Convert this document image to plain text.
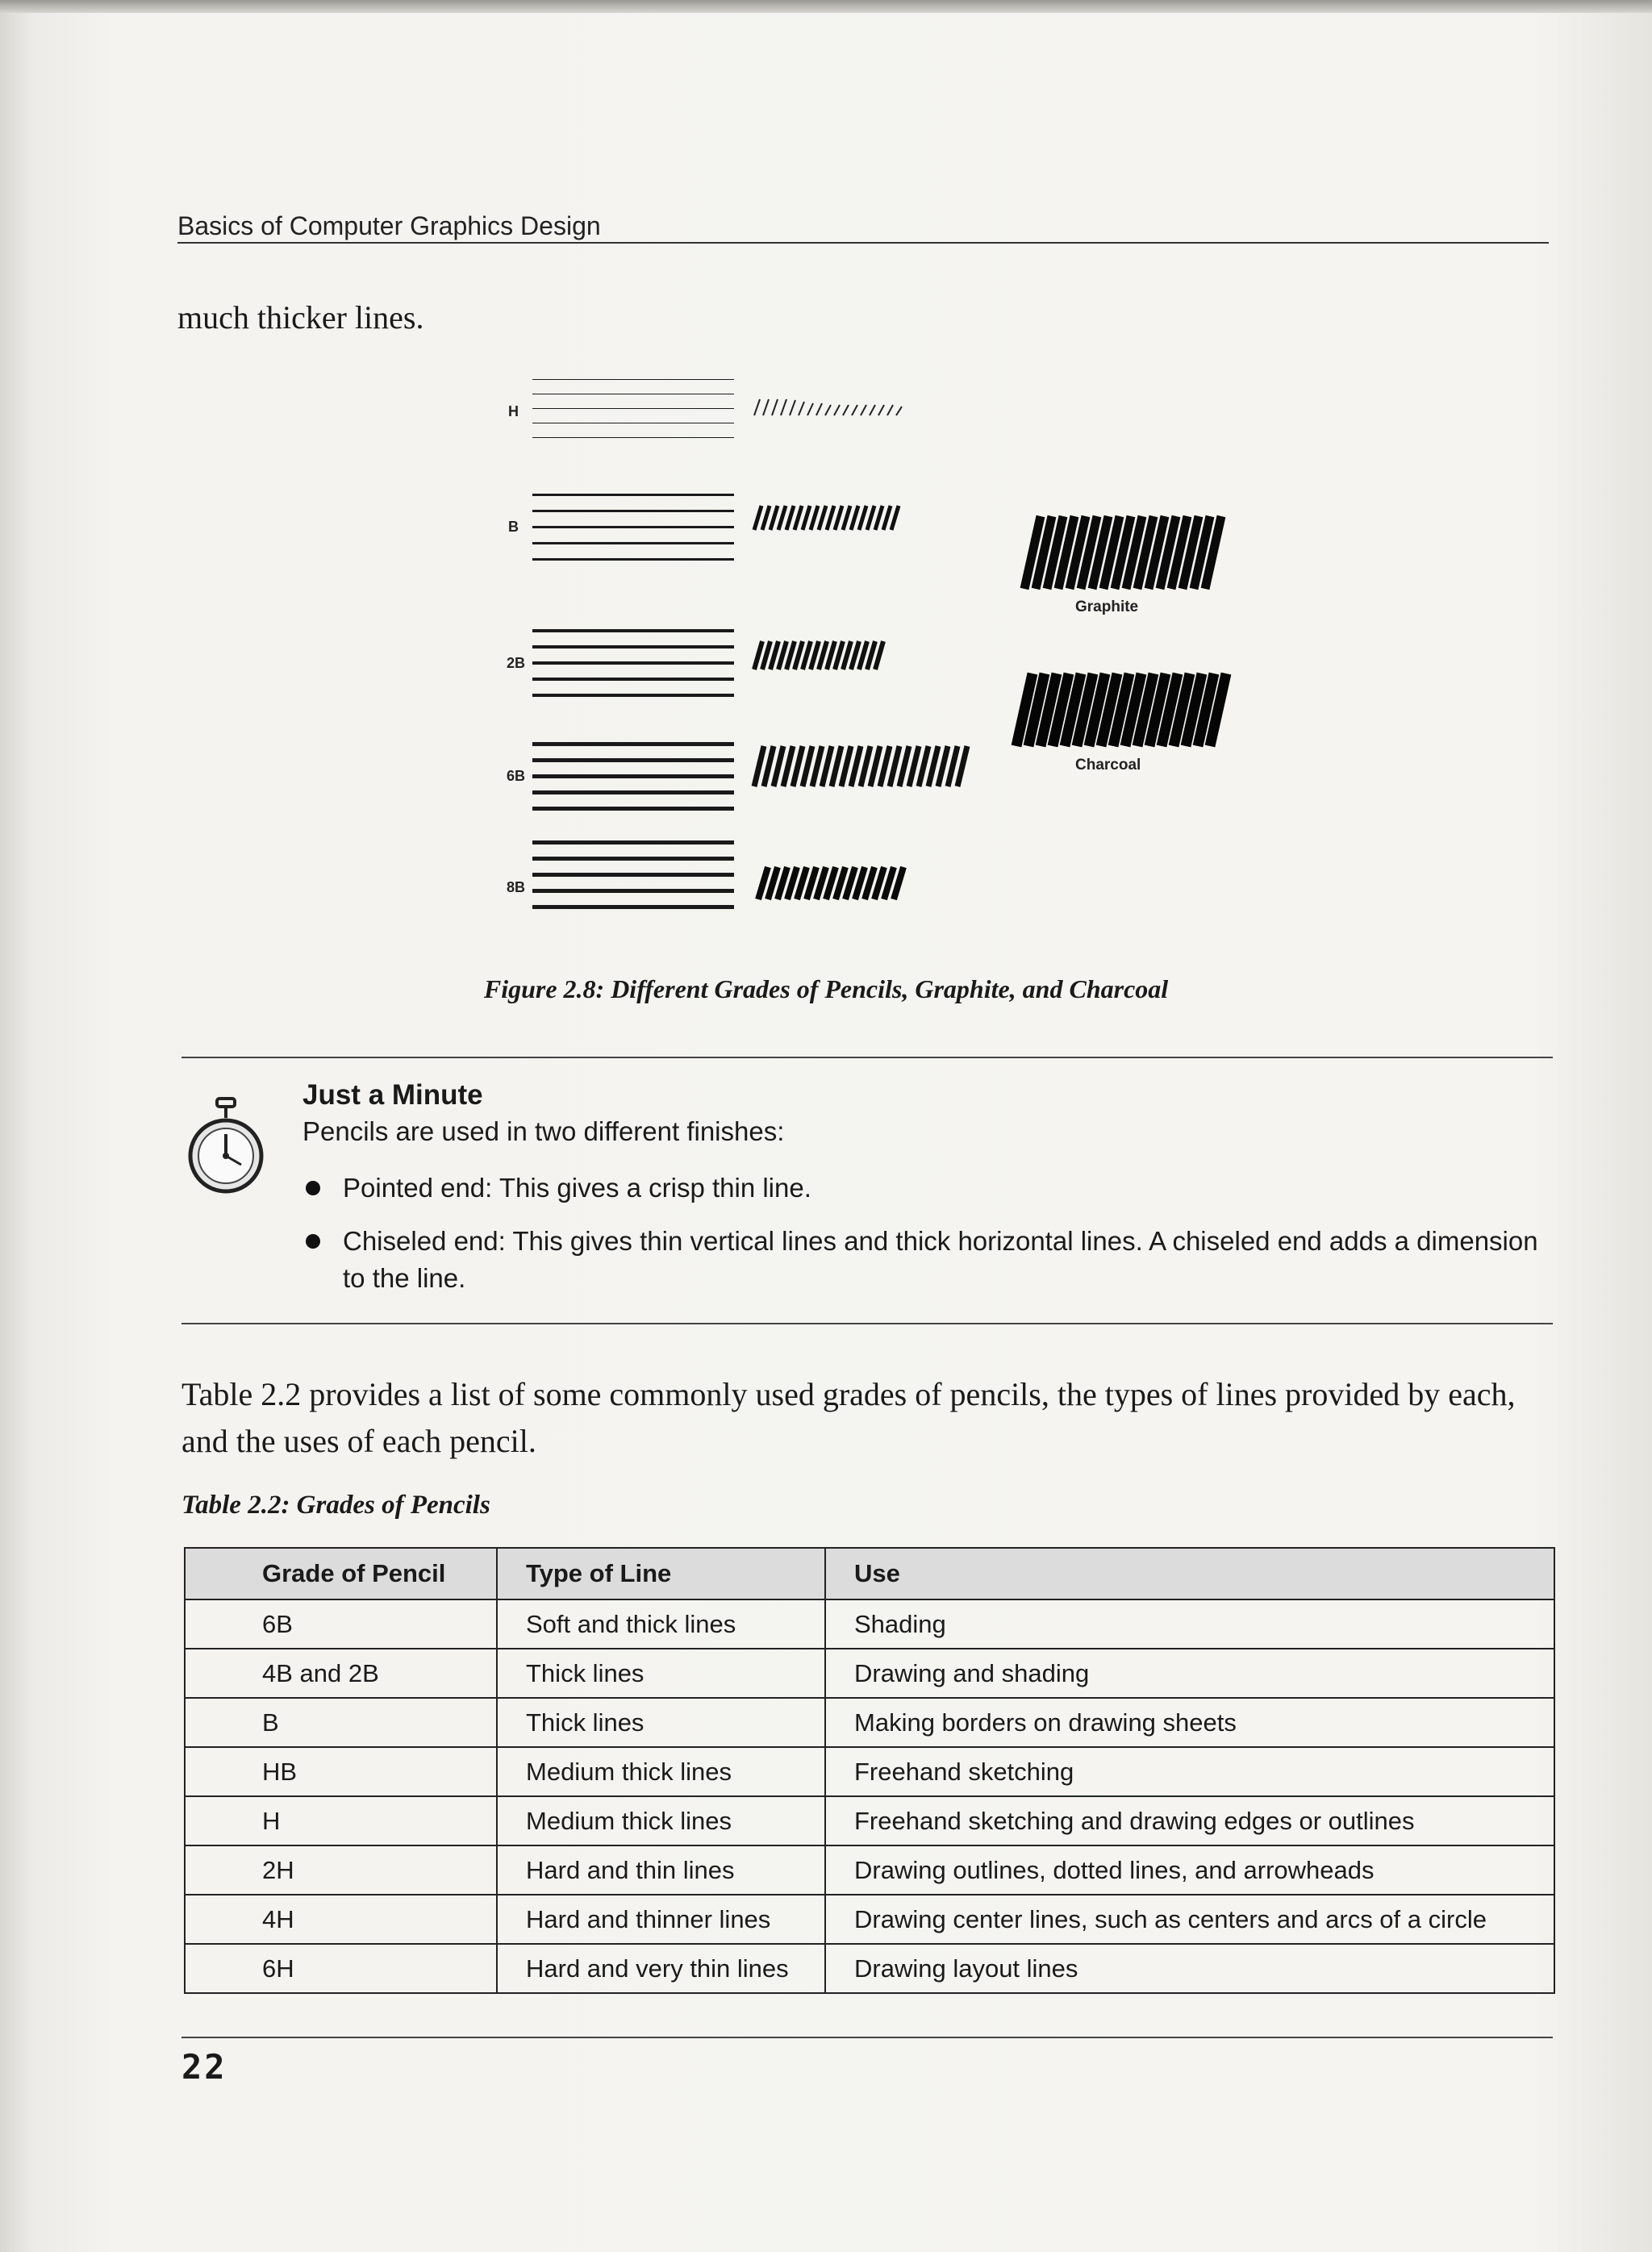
Basics of Computer Graphics Design
much thicker lines.
H
B
2B
6B
8B
Graphite
Charcoal
Figure 2.8: Different Grades of Pencils, Graphite, and Charcoal
Just a Minute
Pencils are used in two different finishes:
Pointed end: This gives a crisp thin line.
Chiseled end: This gives thin vertical lines and thick horizontal lines. A chiseled end adds a dimension to the line.
Table 2.2 provides a list of some commonly used grades of pencils, the types of lines provided by each, and the uses of each pencil.
Table 2.2: Grades of Pencils
Grade of Pencil	Type of Line	Use
6B	Soft and thick lines	Shading
4B and 2B	Thick lines	Drawing and shading
B	Thick lines	Making borders on drawing sheets
HB	Medium thick lines	Freehand sketching
H	Medium thick lines	Freehand sketching and drawing edges or outlines
2H	Hard and thin lines	Drawing outlines, dotted lines, and arrowheads
4H	Hard and thinner lines	Drawing center lines, such as centers and arcs of a circle
6H	Hard and very thin lines	Drawing layout lines
22
